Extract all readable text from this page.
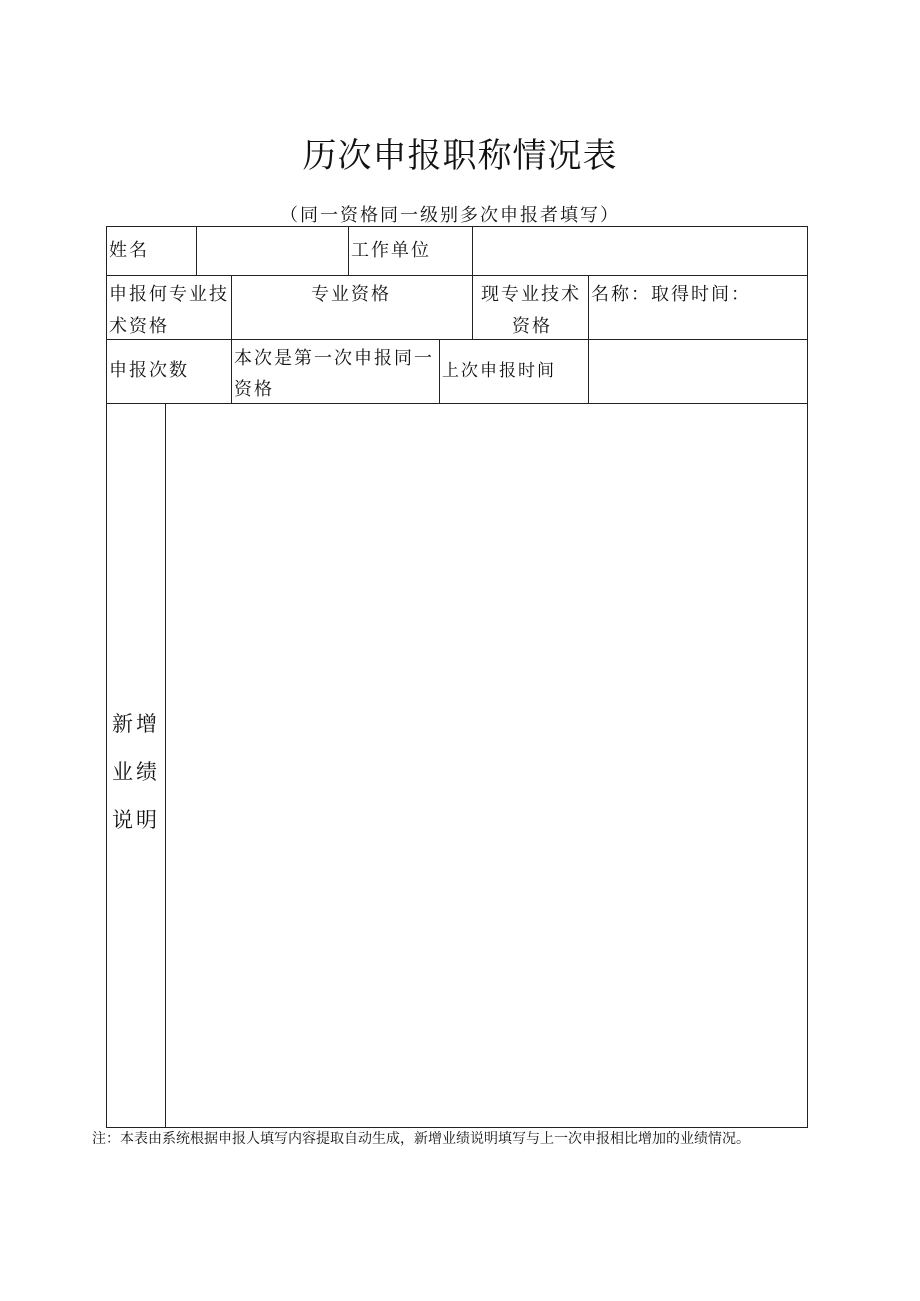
历次申报职称情况表
（同一资格同一级别多次申报者填写）
姓名	工作单位
申报何专业技
术资格
专业资格	现专业技术
资格
名称：取得时间：
申报次数
本次是第一次申报同一
资格
上次申报时间
新增
业绩
说明
注：本表由系统根据申报人填写内容提取自动生成，新增业绩说明填写与上一次申报相比增加的业绩情况。
